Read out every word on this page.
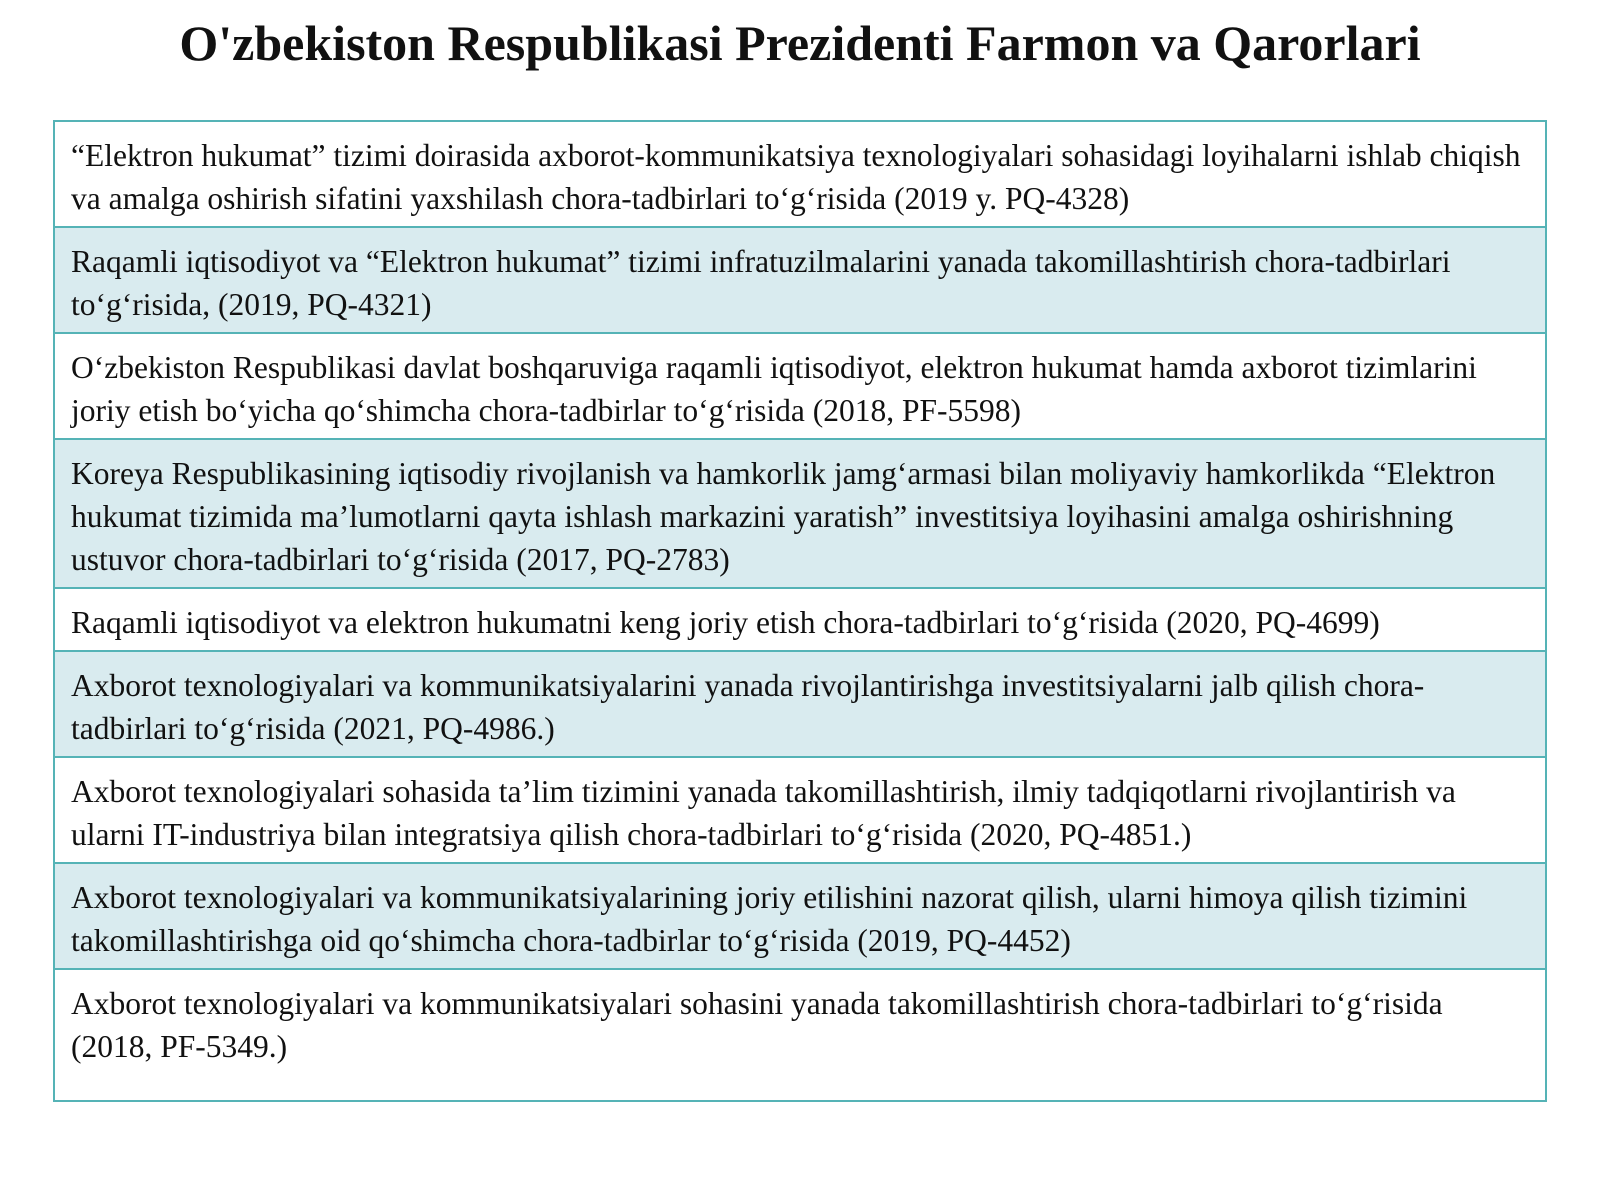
O'zbekiston Respublikasi Prezidenti Farmon va Qarorlari
“Elektron hukumat” tizimi doirasida axborot-kommunikatsiya texnologiyalari sohasidagi loyihalarni ishlab chiqish va amalga oshirish sifatini yaxshilash chora-tadbirlari to‘g‘risida (2019 y. PQ-4328)
Raqamli iqtisodiyot va “Elektron hukumat” tizimi infratuzilmalarini yanada takomillashtirish chora-tadbirlari to‘g‘risida, (2019, PQ-4321)
O‘zbekiston Respublikasi davlat boshqaruviga raqamli iqtisodiyot, elektron hukumat hamda axborot tizimlarini joriy etish bo‘yicha qo‘shimcha chora-tadbirlar to‘g‘risida (2018, PF-5598)
Koreya Respublikasining iqtisodiy rivojlanish va hamkorlik jamg‘armasi bilan moliyaviy hamkorlikda “Elektron hukumat tizimida ma’lumotlarni qayta ishlash markazini yaratish” investitsiya loyihasini amalga oshirishning ustuvor chora-tadbirlari to‘g‘risida (2017, PQ-2783)
Raqamli iqtisodiyot va elektron hukumatni keng joriy etish chora-tadbirlari to‘g‘risida (2020, PQ-4699)
Axborot texnologiyalari va kommunikatsiyalarini yanada rivojlantirishga investitsiyalarni jalb qilish chora-tadbirlari to‘g‘risida (2021, PQ-4986.)
Axborot texnologiyalari sohasida ta’lim tizimini yanada takomillashtirish, ilmiy tadqiqotlarni rivojlantirish va ularni IT-industriya bilan integratsiya qilish chora-tadbirlari to‘g‘risida (2020, PQ-4851.)
Axborot texnologiyalari va kommunikatsiyalarining joriy etilishini nazorat qilish, ularni himoya qilish tizimini takomillashtirishga oid qo‘shimcha chora-tadbirlar to‘g‘risida (2019, PQ-4452)
Axborot texnologiyalari va kommunikatsiyalari sohasini yanada takomillashtirish chora-tadbirlari to‘g‘risida (2018, PF-5349.)
